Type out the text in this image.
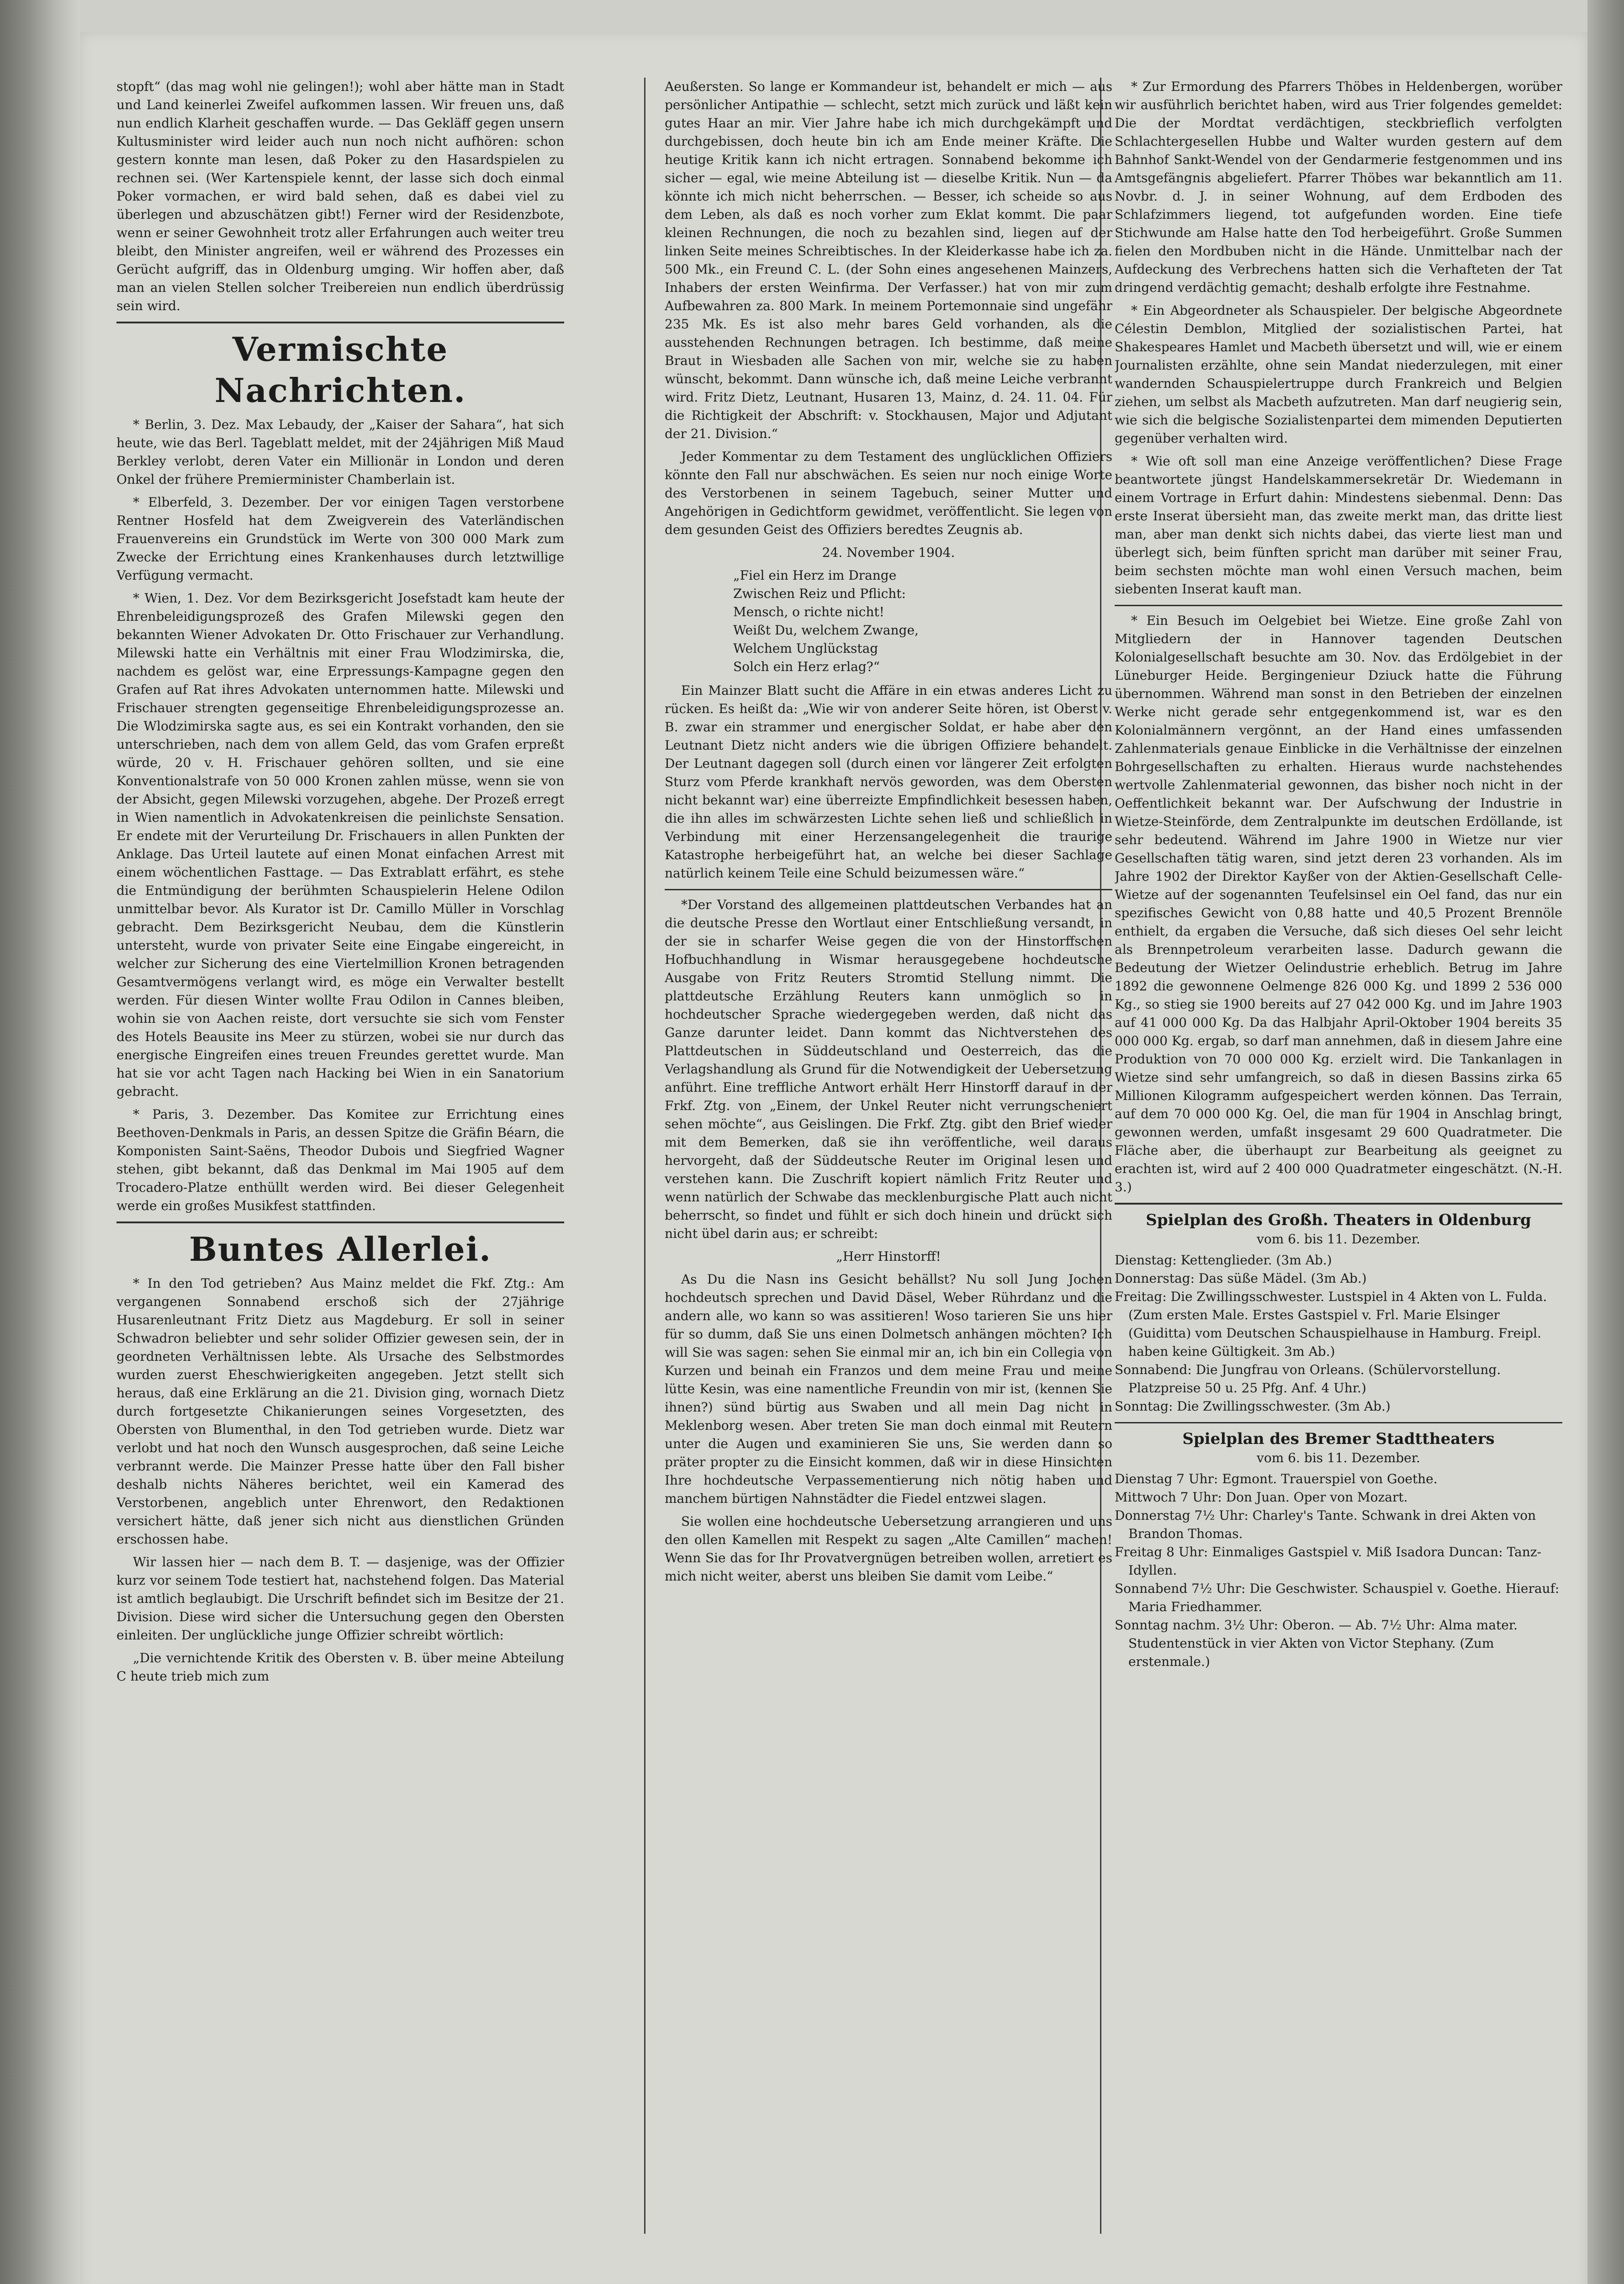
stopft“ (das mag wohl nie gelingen!); wohl aber hätte man in Stadt und Land keinerlei Zweifel aufkommen lassen. Wir freuen uns, daß nun endlich Klarheit geschaffen wurde. — Das Gekläff gegen unsern Kultusminister wird leider auch nun noch nicht aufhören: schon gestern konnte man lesen, daß Poker zu den Hasardspielen zu rechnen sei. (Wer Kartenspiele kennt, der lasse sich doch einmal Poker vormachen, er wird bald sehen, daß es dabei viel zu überlegen und abzuschätzen gibt!) Ferner wird der Residenzbote, wenn er seiner Gewohnheit trotz aller Erfahrungen auch weiter treu bleibt, den Minister angreifen, weil er während des Prozesses ein Gerücht aufgriff, das in Oldenburg umging. Wir hoffen aber, daß man an vielen Stellen solcher Treibereien nun endlich überdrüssig sein wird.

Vermischte Nachrichten.

* Berlin, 3. Dez. Max Lebaudy, der „Kaiser der Sahara“, hat sich heute, wie das Berl. Tageblatt meldet, mit der 24jährigen Miß Maud Berkley verlobt, deren Vater ein Millionär in London und deren Onkel der frühere Premierminister Chamberlain ist.

* Elberfeld, 3. Dezember. Der vor einigen Tagen verstorbene Rentner Hosfeld hat dem Zweigverein des Vaterländischen Frauenvereins ein Grundstück im Werte von 300 000 Mark zum Zwecke der Errichtung eines Krankenhauses durch letztwillige Verfügung vermacht.

* Wien, 1. Dez. Vor dem Bezirksgericht Josefstadt kam heute der Ehrenbeleidigungsprozeß des Grafen Milewski gegen den bekannten Wiener Advokaten Dr. Otto Frischauer zur Verhandlung. Milewski hatte ein Verhältnis mit einer Frau Wlodzimirska, die, nachdem es gelöst war, eine Erpressungs-Kampagne gegen den Grafen auf Rat ihres Advokaten unternommen hatte. Milewski und Frischauer strengten gegenseitige Ehrenbeleidigungsprozesse an. Die Wlodzimirska sagte aus, es sei ein Kontrakt vorhanden, den sie unterschrieben, nach dem von allem Geld, das vom Grafen erpreßt würde, 20 v. H. Frischauer gehören sollten, und sie eine Konventionalstrafe von 50 000 Kronen zahlen müsse, wenn sie von der Absicht, gegen Milewski vorzugehen, abgehe. Der Prozeß erregt in Wien namentlich in Advokatenkreisen die peinlichste Sensation. Er endete mit der Verurteilung Dr. Frischauers in allen Punkten der Anklage. Das Urteil lautete auf einen Monat einfachen Arrest mit einem wöchentlichen Fasttage. — Das Extrablatt erfährt, es stehe die Entmündigung der berühmten Schauspielerin Helene Odilon unmittelbar bevor. Als Kurator ist Dr. Camillo Müller in Vorschlag gebracht. Dem Bezirksgericht Neubau, dem die Künstlerin untersteht, wurde von privater Seite eine Eingabe eingereicht, in welcher zur Sicherung des eine Viertelmillion Kronen betragenden Gesamtvermögens verlangt wird, es möge ein Verwalter bestellt werden. Für diesen Winter wollte Frau Odilon in Cannes bleiben, wohin sie von Aachen reiste, dort versuchte sie sich vom Fenster des Hotels Beausite ins Meer zu stürzen, wobei sie nur durch das energische Eingreifen eines treuen Freundes gerettet wurde. Man hat sie vor acht Tagen nach Hacking bei Wien in ein Sanatorium gebracht.

* Paris, 3. Dezember. Das Komitee zur Errichtung eines Beethoven-Denkmals in Paris, an dessen Spitze die Gräfin Béarn, die Komponisten Saint-Saëns, Theodor Dubois und Siegfried Wagner stehen, gibt bekannt, daß das Denkmal im Mai 1905 auf dem Trocadero-Platze enthüllt werden wird. Bei dieser Gelegenheit werde ein großes Musikfest stattfinden.

Buntes Allerlei.

* In den Tod getrieben? Aus Mainz meldet die Fkf. Ztg.: Am vergangenen Sonnabend erschoß sich der 27jährige Husarenleutnant Fritz Dietz aus Magdeburg. Er soll in seiner Schwadron beliebter und sehr solider Offizier gewesen sein, der in geordneten Verhältnissen lebte. Als Ursache des Selbstmordes wurden zuerst Eheschwierigkeiten angegeben. Jetzt stellt sich heraus, daß eine Erklärung an die 21. Division ging, wornach Dietz durch fortgesetzte Chikanierungen seines Vorgesetzten, des Obersten von Blumenthal, in den Tod getrieben wurde. Dietz war verlobt und hat noch den Wunsch ausgesprochen, daß seine Leiche verbrannt werde. Die Mainzer Presse hatte über den Fall bisher deshalb nichts Näheres berichtet, weil ein Kamerad des Verstorbenen, angeblich unter Ehrenwort, den Redaktionen versichert hätte, daß jener sich nicht aus dienstlichen Gründen erschossen habe.

Wir lassen hier — nach dem B. T. — dasjenige, was der Offizier kurz vor seinem Tode testiert hat, nachstehend folgen. Das Material ist amtlich beglaubigt. Die Urschrift befindet sich im Besitze der 21. Division. Diese wird sicher die Untersuchung gegen den Obersten einleiten. Der unglückliche junge Offizier schreibt wörtlich:

„Die vernichtende Kritik des Obersten v. B. über meine Abteilung C heute trieb mich zum

Aeußersten. So lange er Kommandeur ist, behandelt er mich — aus persönlicher Antipathie — schlecht, setzt mich zurück und läßt kein gutes Haar an mir. Vier Jahre habe ich mich durchgekämpft und durchgebissen, doch heute bin ich am Ende meiner Kräfte. Die heutige Kritik kann ich nicht ertragen. Sonnabend bekomme ich sicher — egal, wie meine Abteilung ist — dieselbe Kritik. Nun — da könnte ich mich nicht beherrschen. — Besser, ich scheide so aus dem Leben, als daß es noch vorher zum Eklat kommt. Die paar kleinen Rechnungen, die noch zu bezahlen sind, liegen auf der linken Seite meines Schreibtisches. In der Kleiderkasse habe ich za. 500 Mk., ein Freund C. L. (der Sohn eines angesehenen Mainzers, Inhabers der ersten Weinfirma. Der Verfasser.) hat von mir zum Aufbewahren za. 800 Mark. In meinem Portemonnaie sind ungefähr 235 Mk. Es ist also mehr bares Geld vorhanden, als die ausstehenden Rechnungen betragen. Ich bestimme, daß meine Braut in Wiesbaden alle Sachen von mir, welche sie zu haben wünscht, bekommt. Dann wünsche ich, daß meine Leiche verbrannt wird. Fritz Dietz, Leutnant, Husaren 13, Mainz, d. 24. 11. 04. Für die Richtigkeit der Abschrift: v. Stockhausen, Major und Adjutant der 21. Division.“

Jeder Kommentar zu dem Testament des unglücklichen Offiziers könnte den Fall nur abschwächen. Es seien nur noch einige Worte des Verstorbenen in seinem Tagebuch, seiner Mutter und Angehörigen in Gedichtform gewidmet, veröffentlicht. Sie legen von dem gesunden Geist des Offiziers beredtes Zeugnis ab.

24. November 1904.

„Fiel ein Herz im Drange
Zwischen Reiz und Pflicht:
Mensch, o richte nicht!
Weißt Du, welchem Zwange,
Welchem Unglückstag
Solch ein Herz erlag?“

Ein Mainzer Blatt sucht die Affäre in ein etwas anderes Licht zu rücken. Es heißt da: „Wie wir von anderer Seite hören, ist Oberst v. B. zwar ein strammer und energischer Soldat, er habe aber den Leutnant Dietz nicht anders wie die übrigen Offiziere behandelt. Der Leutnant dagegen soll (durch einen vor längerer Zeit erfolgten Sturz vom Pferde krankhaft nervös geworden, was dem Obersten nicht bekannt war) eine überreizte Empfindlichkeit besessen haben, die ihn alles im schwärzesten Lichte sehen ließ und schließlich in Verbindung mit einer Herzensangelegenheit die traurige Katastrophe herbeigeführt hat, an welche bei dieser Sachlage natürlich keinem Teile eine Schuld beizumessen wäre.“

*Der Vorstand des allgemeinen plattdeutschen Verbandes hat an die deutsche Presse den Wortlaut einer Entschließung versandt, in der sie in scharfer Weise gegen die von der Hinstorffschen Hofbuchhandlung in Wismar herausgegebene hochdeutsche Ausgabe von Fritz Reuters Stromtid Stellung nimmt. Die plattdeutsche Erzählung Reuters kann unmöglich so in hochdeutscher Sprache wiedergegeben werden, daß nicht das Ganze darunter leidet. Dann kommt das Nichtverstehen des Plattdeutschen in Süddeutschland und Oesterreich, das die Verlagshandlung als Grund für die Notwendigkeit der Uebersetzung anführt. Eine treffliche Antwort erhält Herr Hinstorff darauf in der Frkf. Ztg. von „Einem, der Unkel Reuter nicht verrungscheniert sehen möchte“, aus Geislingen. Die Frkf. Ztg. gibt den Brief wieder mit dem Bemerken, daß sie ihn veröffentliche, weil daraus hervorgeht, daß der Süddeutsche Reuter im Original lesen und verstehen kann. Die Zuschrift kopiert nämlich Fritz Reuter und wenn natürlich der Schwabe das mecklenburgische Platt auch nicht beherrscht, so findet und fühlt er sich doch hinein und drückt sich nicht übel darin aus; er schreibt:

„Herr Hinstorff!

As Du die Nasn ins Gesicht behällst? Nu soll Jung Jochen hochdeutsch sprechen und David Däsel, Weber Rührdanz und die andern alle, wo kann so was assitieren! Woso tarieren Sie uns hier für so dumm, daß Sie uns einen Dolmetsch anhängen möchten? Ich will Sie was sagen: sehen Sie einmal mir an, ich bin ein Collegia von Kurzen und beinah ein Franzos und dem meine Frau und meine lütte Kesin, was eine namentliche Freundin von mir ist, (kennen Sie ihnen?) sünd bürtig aus Swaben und all mein Dag nicht in Meklenborg wesen. Aber treten Sie man doch einmal mit Reutern unter die Augen und examinieren Sie uns, Sie werden dann so präter propter zu die Einsicht kommen, daß wir in diese Hinsichten Ihre hochdeutsche Verpassementierung nich nötig haben und manchem bürtigen Nahnstädter die Fiedel entzwei slagen.

Sie wollen eine hochdeutsche Uebersetzung arrangieren und uns den ollen Kamellen mit Respekt zu sagen „Alte Camillen“ machen! Wenn Sie das for Ihr Provatvergnügen betreiben wollen, arretiert es mich nicht weiter, aberst uns bleiben Sie damit vom Leibe.“

* Zur Ermordung des Pfarrers Thöbes in Heldenbergen, worüber wir ausführlich berichtet haben, wird aus Trier folgendes gemeldet: Die der Mordtat verdächtigen, steckbrieflich verfolgten Schlachtergesellen Hubbe und Walter wurden gestern auf dem Bahnhof Sankt-Wendel von der Gendarmerie festgenommen und ins Amtsgefängnis abgeliefert. Pfarrer Thöbes war bekanntlich am 11. Novbr. d. J. in seiner Wohnung, auf dem Erdboden des Schlafzimmers liegend, tot aufgefunden worden. Eine tiefe Stichwunde am Halse hatte den Tod herbeigeführt. Große Summen fielen den Mordbuben nicht in die Hände. Unmittelbar nach der Aufdeckung des Verbrechens hatten sich die Verhafteten der Tat dringend verdächtig gemacht; deshalb erfolgte ihre Festnahme.

* Ein Abgeordneter als Schauspieler. Der belgische Abgeordnete Célestin Demblon, Mitglied der sozialistischen Partei, hat Shakespeares Hamlet und Macbeth übersetzt und will, wie er einem Journalisten erzählte, ohne sein Mandat niederzulegen, mit einer wandernden Schauspielertruppe durch Frankreich und Belgien ziehen, um selbst als Macbeth aufzutreten. Man darf neugierig sein, wie sich die belgische Sozialistenpartei dem mimenden Deputierten gegenüber verhalten wird.

* Wie oft soll man eine Anzeige veröffentlichen? Diese Frage beantwortete jüngst Handelskammersekretär Dr. Wiedemann in einem Vortrage in Erfurt dahin: Mindestens siebenmal. Denn: Das erste Inserat übersieht man, das zweite merkt man, das dritte liest man, aber man denkt sich nichts dabei, das vierte liest man und überlegt sich, beim fünften spricht man darüber mit seiner Frau, beim sechsten möchte man wohl einen Versuch machen, beim siebenten Inserat kauft man.

* Ein Besuch im Oelgebiet bei Wietze. Eine große Zahl von Mitgliedern der in Hannover tagenden Deutschen Kolonialgesellschaft besuchte am 30. Nov. das Erdölgebiet in der Lüneburger Heide. Bergingenieur Dziuck hatte die Führung übernommen. Während man sonst in den Betrieben der einzelnen Werke nicht gerade sehr entgegenkommend ist, war es den Kolonialmännern vergönnt, an der Hand eines umfassenden Zahlenmaterials genaue Einblicke in die Verhältnisse der einzelnen Bohrgesellschaften zu erhalten. Hieraus wurde nachstehendes wertvolle Zahlenmaterial gewonnen, das bisher noch nicht in der Oeffentlichkeit bekannt war. Der Aufschwung der Industrie in Wietze-Steinförde, dem Zentralpunkte im deutschen Erdöllande, ist sehr bedeutend. Während im Jahre 1900 in Wietze nur vier Gesellschaften tätig waren, sind jetzt deren 23 vorhanden. Als im Jahre 1902 der Direktor Kayßer von der Aktien-Gesellschaft Celle-Wietze auf der sogenannten Teufelsinsel ein Oel fand, das nur ein spezifisches Gewicht von 0,88 hatte und 40,5 Prozent Brennöle enthielt, da ergaben die Versuche, daß sich dieses Oel sehr leicht als Brennpetroleum verarbeiten lasse. Dadurch gewann die Bedeutung der Wietzer Oelindustrie erheblich. Betrug im Jahre 1892 die gewonnene Oelmenge 826 000 Kg. und 1899 2 536 000 Kg., so stieg sie 1900 bereits auf 27 042 000 Kg. und im Jahre 1903 auf 41 000 000 Kg. Da das Halbjahr April-Oktober 1904 bereits 35 000 000 Kg. ergab, so darf man annehmen, daß in diesem Jahre eine Produktion von 70 000 000 Kg. erzielt wird. Die Tankanlagen in Wietze sind sehr umfangreich, so daß in diesen Bassins zirka 65 Millionen Kilogramm aufgespeichert werden können. Das Terrain, auf dem 70 000 000 Kg. Oel, die man für 1904 in Anschlag bringt, gewonnen werden, umfaßt insgesamt 29 600 Quadratmeter. Die Fläche aber, die überhaupt zur Bearbeitung als geeignet zu erachten ist, wird auf 2 400 000 Quadratmeter eingeschätzt. (N.-H. 3.)

Spielplan des Großh. Theaters in Oldenburg
vom 6. bis 11. Dezember.

Dienstag: Kettenglieder. (3m Ab.)

Donnerstag: Das süße Mädel. (3m Ab.)

Freitag: Die Zwillingsschwester. Lustspiel in 4 Akten von L. Fulda. (Zum ersten Male. Erstes Gastspiel v. Frl. Marie Elsinger (Guiditta) vom Deutschen Schauspielhause in Hamburg. Freipl. haben keine Gültigkeit. 3m Ab.)

Sonnabend: Die Jungfrau von Orleans. (Schülervorstellung. Platzpreise 50 u. 25 Pfg. Anf. 4 Uhr.)

Sonntag: Die Zwillingsschwester. (3m Ab.)

Spielplan des Bremer Stadttheaters
vom 6. bis 11. Dezember.

Dienstag 7 Uhr: Egmont. Trauerspiel von Goethe.

Mittwoch 7 Uhr: Don Juan. Oper von Mozart.

Donnerstag 7½ Uhr: Charley's Tante. Schwank in drei Akten von Brandon Thomas.

Freitag 8 Uhr: Einmaliges Gastspiel v. Miß Isadora Duncan: Tanz-Idyllen.

Sonnabend 7½ Uhr: Die Geschwister. Schauspiel v. Goethe. Hierauf: Maria Friedhammer.

Sonntag nachm. 3½ Uhr: Oberon. — Ab. 7½ Uhr: Alma mater. Studentenstück in vier Akten von Victor Stephany. (Zum erstenmale.)
